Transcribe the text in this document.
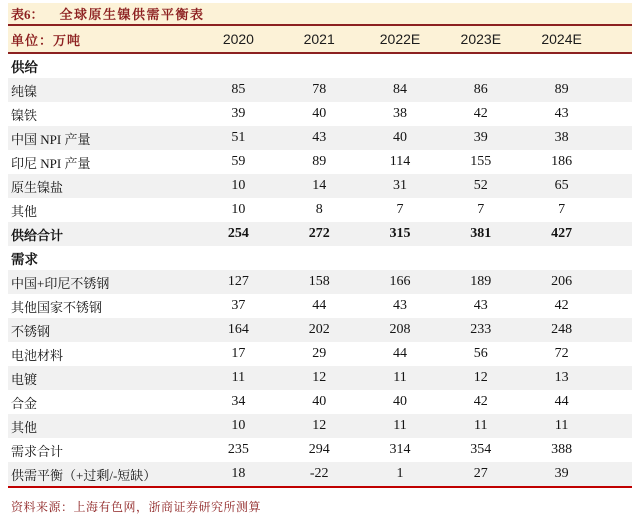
表6： 全球原生镍供需平衡表
单位：万吨	2020	2021	2022E	2023E	2024E
供给
纯镍	85	78	84	86	89
镍铁	39	40	38	42	43
中国 NPI 产量	51	43	40	39	38
印尼 NPI 产量	59	89	114	155	186
原生镍盐	10	14	31	52	65
其他	10	8	7	7	7
供给合计	254	272	315	381	427
需求
中国+印尼不锈钢	127	158	166	189	206
其他国家不锈钢	37	44	43	43	42
不锈钢	164	202	208	233	248
电池材料	17	29	44	56	72
电镀	11	12	11	12	13
合金	34	40	40	42	44
其他	10	12	11	11	11
需求合计	235	294	314	354	388
供需平衡（+过剩/-短缺）	18	-22	1	27	39
资料来源：上海有色网，浙商证券研究所测算
